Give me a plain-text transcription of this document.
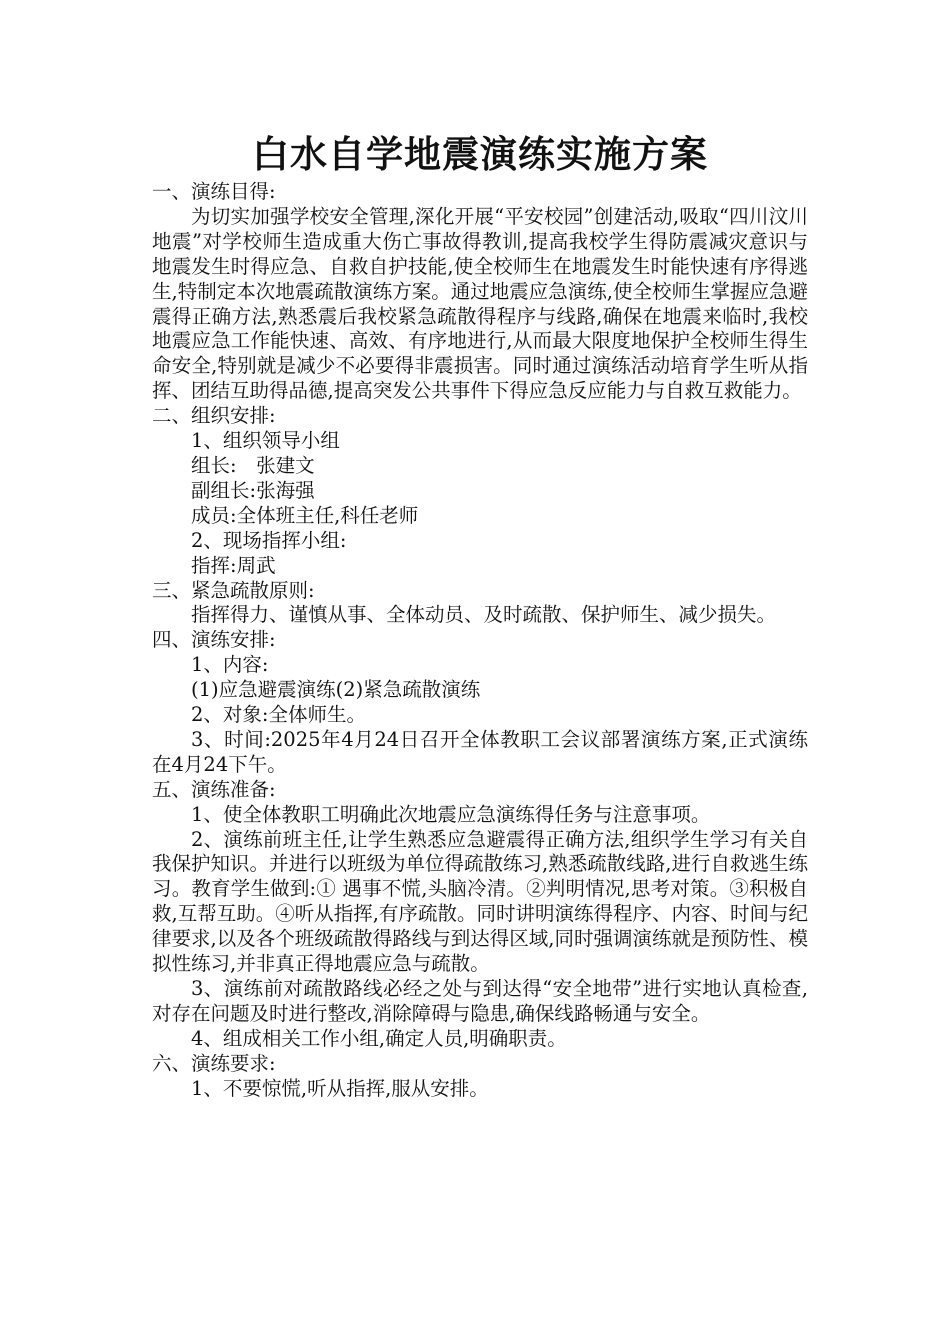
白水自学地震演练实施方案
一、演练目得:

为切实加强学校安全管理,深化开展“平安校园”创建活动,吸取“四川汶川地震”对学校师生造成重大伤亡事故得教训,提高我校学生得防震减灾意识与地震发生时得应急、自救自护技能,使全校师生在地震发生时能快速有序得逃生,特制定本次地震疏散演练方案。通过地震应急演练,使全校师生掌握应急避震得正确方法,熟悉震后我校紧急疏散得程序与线路,确保在地震来临时,我校地震应急工作能快速、高效、有序地进行,从而最大限度地保护全校师生得生命安全,特别就是减少不必要得非震损害。同时通过演练活动培育学生听从指挥、团结互助得品德,提高突发公共事件下得应急反应能力与自救互救能力。

二、组织安排:
1、组织领导小组
组长:　张建文
副组长:张海强
成员:全体班主任,科任老师
2、现场指挥小组:
指挥:周武
三、紧急疏散原则:

指挥得力、谨慎从事、全体动员、及时疏散、保护师生、减少损失。

四、演练安排:
1、内容:
(1)应急避震演练(2)紧急疏散演练
2、对象:全体师生。

3、时间:2025年4月24日召开全体教职工会议部署演练方案,正式演练在4月24下午。

五、演练准备:

1、使全体教职工明确此次地震应急演练得任务与注意事项。

2、演练前班主任,让学生熟悉应急避震得正确方法,组织学生学习有关自我保护知识。并进行以班级为单位得疏散练习,熟悉疏散线路,进行自救逃生练习。教育学生做到:① 遇事不慌,头脑冷清。②判明情况,思考对策。③积极自救,互帮互助。④听从指挥,有序疏散。同时讲明演练得程序、内容、时间与纪律要求,以及各个班级疏散得路线与到达得区域,同时强调演练就是预防性、模拟性练习,并非真正得地震应急与疏散。

3、演练前对疏散路线必经之处与到达得“安全地带”进行实地认真检查,对存在问题及时进行整改,消除障碍与隐患,确保线路畅通与安全。

4、组成相关工作小组,确定人员,明确职责。

六、演练要求:

1、不要惊慌,听从指挥,服从安排。
